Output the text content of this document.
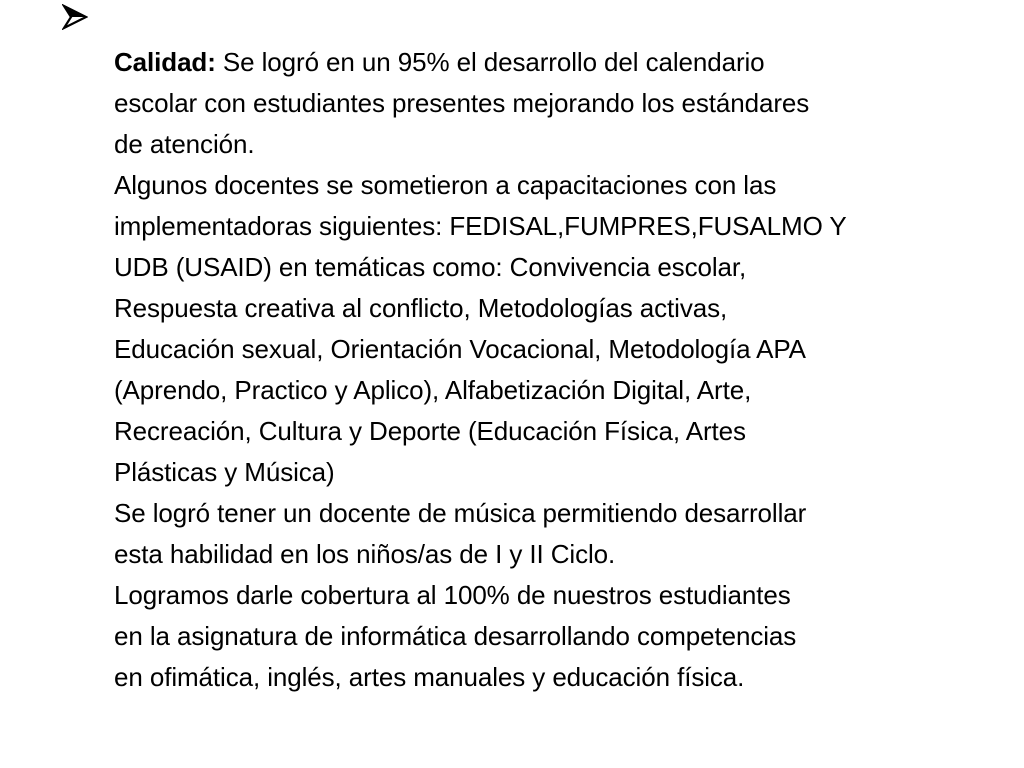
Calidad: Se logró en un 95% el desarrollo del calendario
escolar con estudiantes presentes mejorando los estándares
de atención.
Algunos docentes se sometieron a capacitaciones con las
implementadoras siguientes: FEDISAL,FUMPRES,FUSALMO Y
UDB (USAID) en temáticas como: Convivencia escolar,
Respuesta creativa al conflicto, Metodologías activas,
Educación sexual, Orientación Vocacional, Metodología APA
(Aprendo, Practico y Aplico), Alfabetización Digital, Arte,
Recreación, Cultura y Deporte (Educación Física, Artes
Plásticas y Música)
Se logró tener un docente de música permitiendo desarrollar
esta habilidad en los niños/as de I y II Ciclo.
Logramos darle cobertura al 100% de nuestros estudiantes
en la asignatura de informática desarrollando competencias
en ofimática, inglés, artes manuales y educación física.
